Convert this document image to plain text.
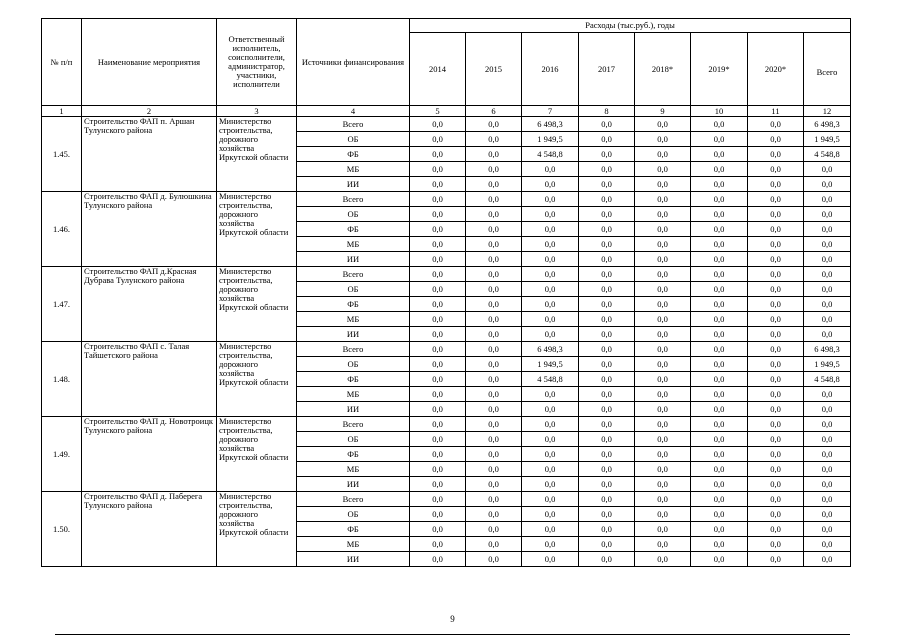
№ п/п	Наименование мероприятия	Ответственный исполнитель, соисполнители, администратор, участники, исполнители	Источники финансирования	Расходы (тыс.руб.), годы							
				2014	2015	2016	2017	2018*	2019*	2020*	Всего
1	2	3	4	5	6	7	8	9	10	11	12
1.45.	Строительство ФАП п. Аршан Тулунского района	Министерство строительства, дорожного хозяйства Иркутской области	Всего	0,0	0,0	6 498,3	0,0	0,0	0,0	0,0	6 498,3
			ОБ	0,0	0,0	1 949,5	0,0	0,0	0,0	0,0	1 949,5
			ФБ	0,0	0,0	4 548,8	0,0	0,0	0,0	0,0	4 548,8
			МБ	0,0	0,0	0,0	0,0	0,0	0,0	0,0	0,0
			ИИ	0,0	0,0	0,0	0,0	0,0	0,0	0,0	0,0
1.46.	Строительство ФАП д. Булюшкина Тулунского района	Министерство строительства, дорожного хозяйства Иркутской области	Всего	0,0	0,0	0,0	0,0	0,0	0,0	0,0	0,0
			ОБ	0,0	0,0	0,0	0,0	0,0	0,0	0,0	0,0
			ФБ	0,0	0,0	0,0	0,0	0,0	0,0	0,0	0,0
			МБ	0,0	0,0	0,0	0,0	0,0	0,0	0,0	0,0
			ИИ	0,0	0,0	0,0	0,0	0,0	0,0	0,0	0,0
1.47.	Строительство ФАП д.Красная Дубрава Тулунского района	Министерство строительства, дорожного хозяйства Иркутской области	Всего	0,0	0,0	0,0	0,0	0,0	0,0	0,0	0,0
			ОБ	0,0	0,0	0,0	0,0	0,0	0,0	0,0	0,0
			ФБ	0,0	0,0	0,0	0,0	0,0	0,0	0,0	0,0
			МБ	0,0	0,0	0,0	0,0	0,0	0,0	0,0	0,0
			ИИ	0,0	0,0	0,0	0,0	0,0	0,0	0,0	0,0
1.48.	Строительство ФАП с. Талая Тайшетского района	Министерство строительства, дорожного хозяйства Иркутской области	Всего	0,0	0,0	6 498,3	0,0	0,0	0,0	0,0	6 498,3
			ОБ	0,0	0,0	1 949,5	0,0	0,0	0,0	0,0	1 949,5
			ФБ	0,0	0,0	4 548,8	0,0	0,0	0,0	0,0	4 548,8
			МБ	0,0	0,0	0,0	0,0	0,0	0,0	0,0	0,0
			ИИ	0,0	0,0	0,0	0,0	0,0	0,0	0,0	0,0
1.49.	Строительство ФАП д. Новотроицк Тулунского района	Министерство строительства, дорожного хозяйства Иркутской области	Всего	0,0	0,0	0,0	0,0	0,0	0,0	0,0	0,0
			ОБ	0,0	0,0	0,0	0,0	0,0	0,0	0,0	0,0
			ФБ	0,0	0,0	0,0	0,0	0,0	0,0	0,0	0,0
			МБ	0,0	0,0	0,0	0,0	0,0	0,0	0,0	0,0
			ИИ	0,0	0,0	0,0	0,0	0,0	0,0	0,0	0,0
1.50.	Строительство ФАП д. Паберега Тулунского района	Министерство строительства, дорожного хозяйства Иркутской области	Всего	0,0	0,0	0,0	0,0	0,0	0,0	0,0	0,0
			ОБ	0,0	0,0	0,0	0,0	0,0	0,0	0,0	0,0
			ФБ	0,0	0,0	0,0	0,0	0,0	0,0	0,0	0,0
			МБ	0,0	0,0	0,0	0,0	0,0	0,0	0,0	0,0
			ИИ	0,0	0,0	0,0	0,0	0,0	0,0	0,0	0,0
9
